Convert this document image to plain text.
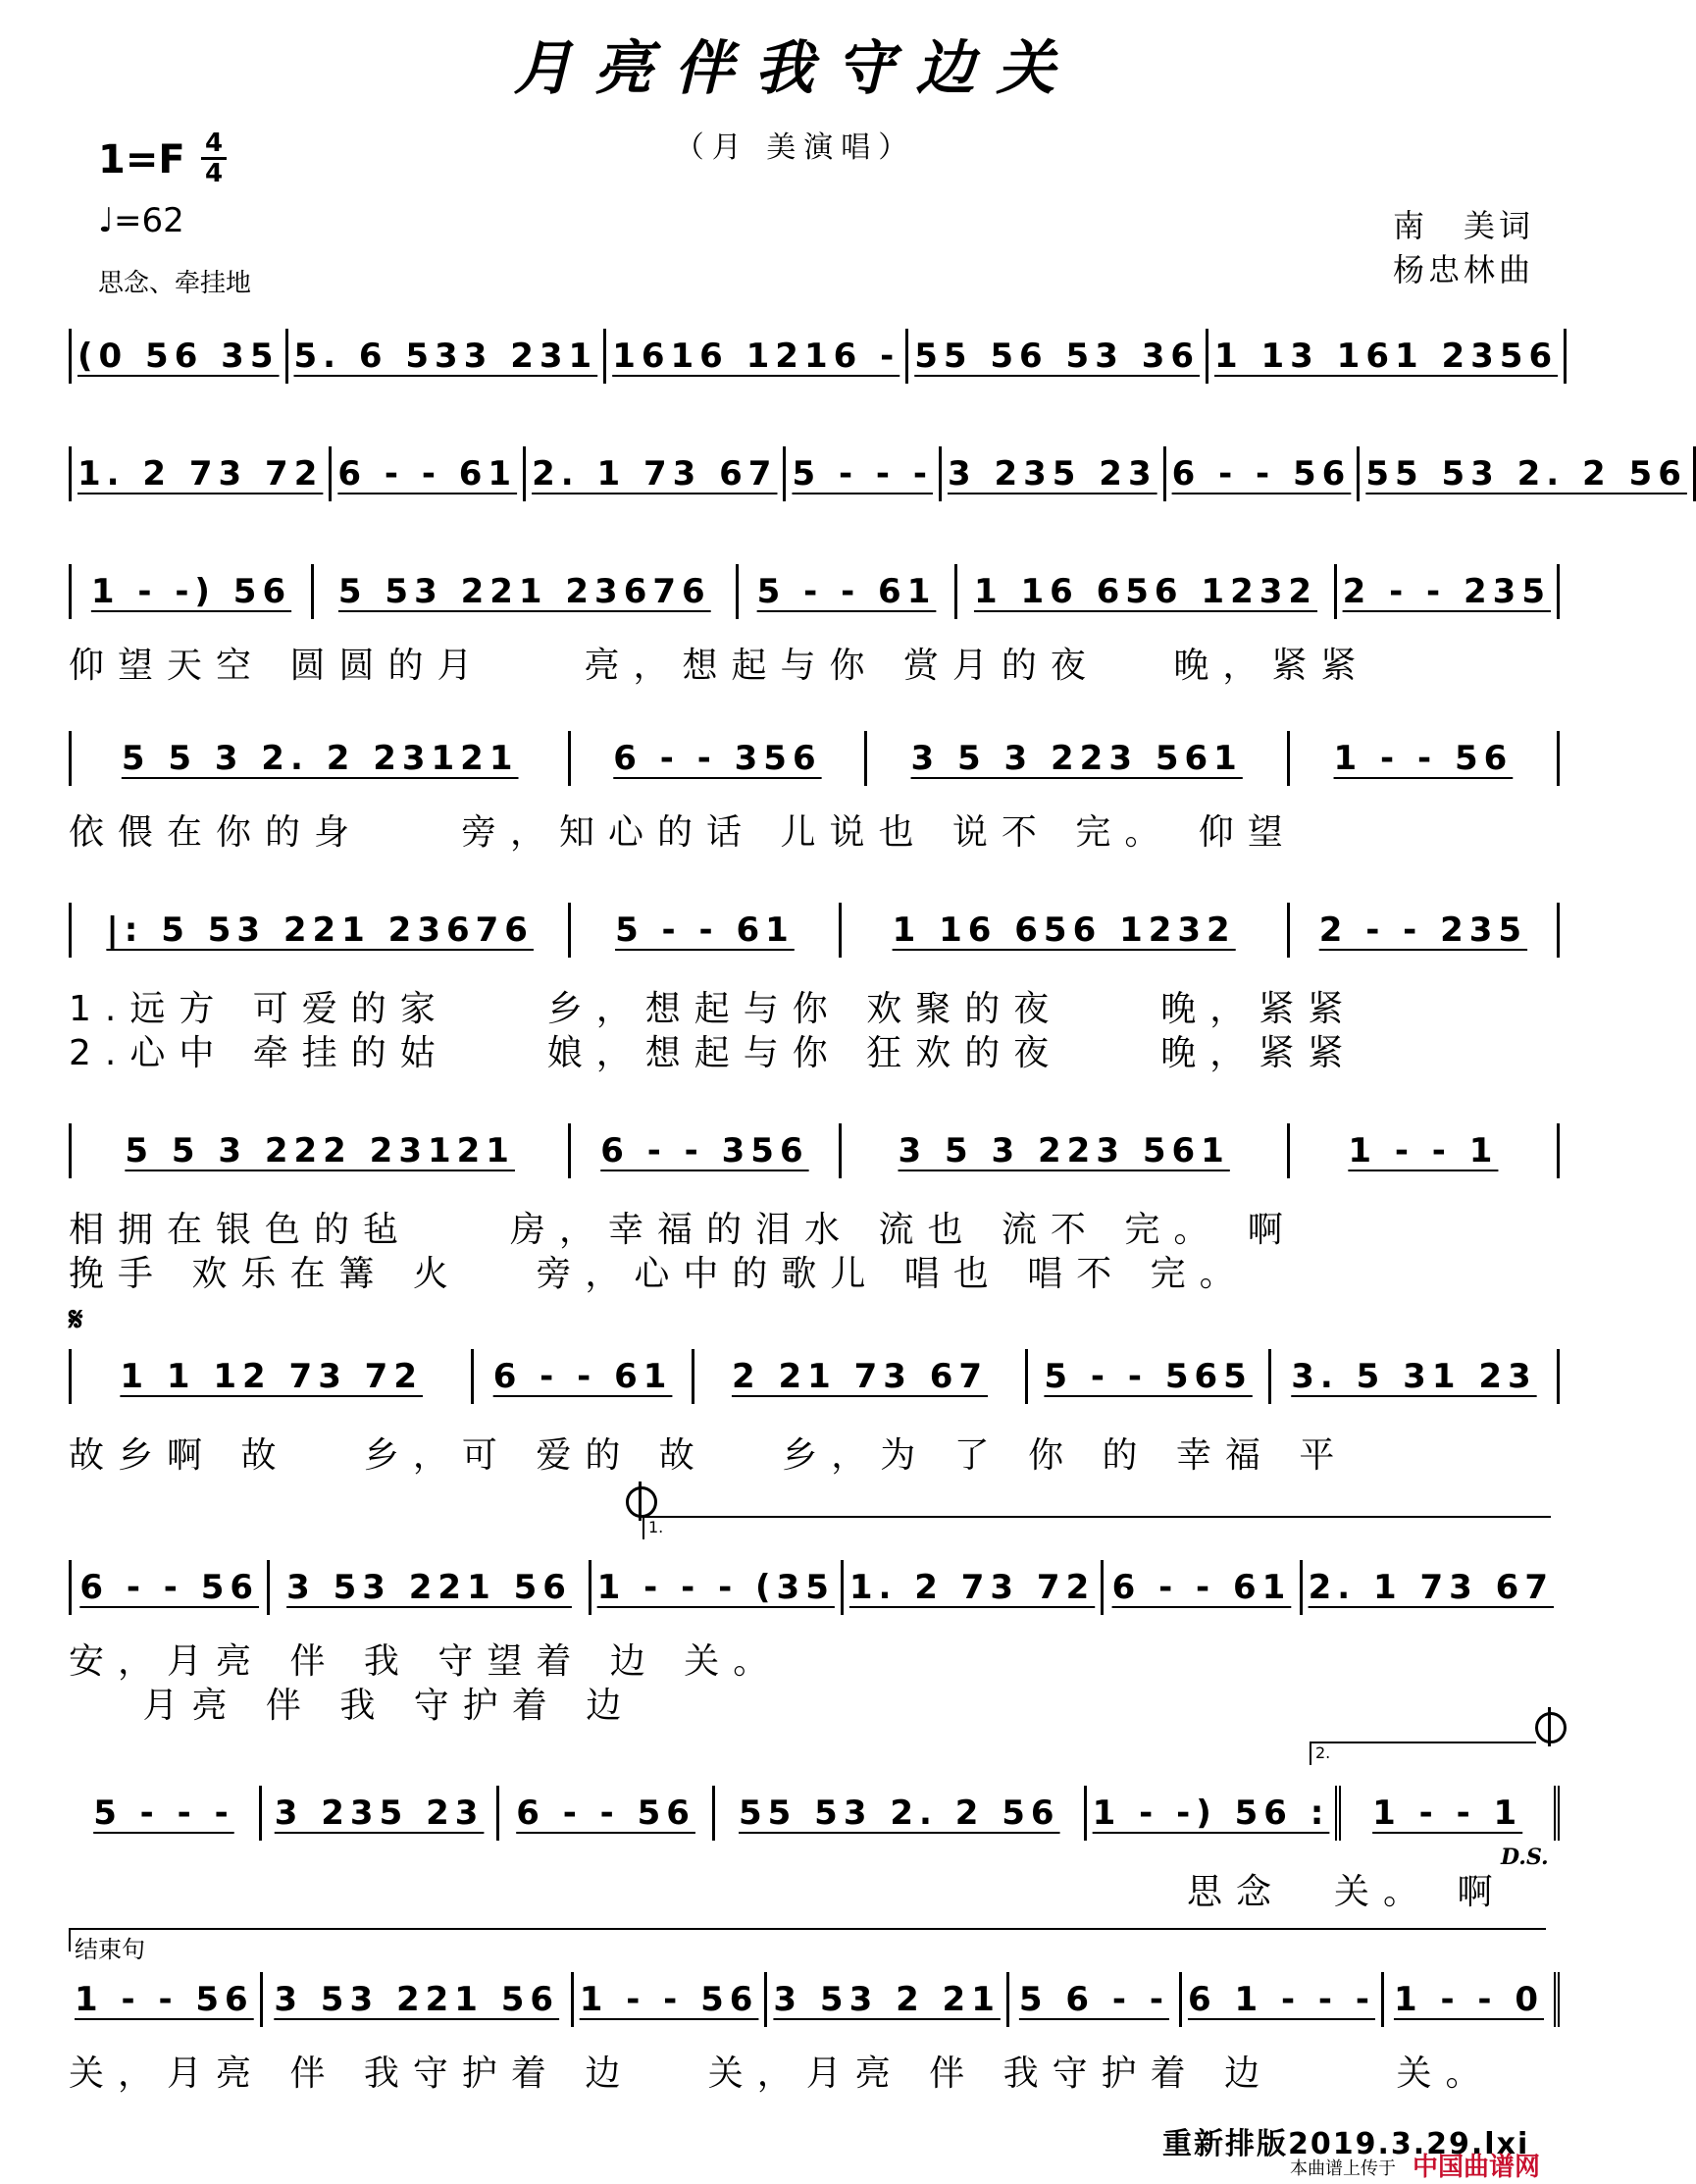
月亮伴我守边关
（月 美演唱）
1=F 4
4
♩=62
思念、牵挂地
南　美词
杨忠林曲
(0 56 35 5. 6 533 231 1616 1216 - 55 56 53 36 1 13 161 2356
1. 2 73 72 6 - - 61 2. 1 73 67 5 - - - 3 235 23 6 - - 56 55 53 2. 2 56
1 - -) 56 5 53 221 23676 5 - - 61 1 16 656 1232 2 - - 235
仰望天空 圆圆的月　　亮，想起与你 赏月的夜　 晚，紧紧
5 5 3 2. 2 23121	6 - - 356	3 5 3 223 561	1 - - 56
依偎在你的身　　旁，知心的话 儿说也 说不 完。 仰望
|: 5 53 221 23676 5 - - 61	1 16 656 1232	2 - - 235
1.远方 可爱的家　　乡，想起与你 欢聚的夜　　晚，紧紧
2.心中 牵挂的姑　　娘，想起与你 狂欢的夜　　晚，紧紧
5 5 3 222 23121	6 - - 356	3 5 3 223 561	1 - - 1
相拥在银色的毡　　房，幸福的泪水 流也 流不 完。 啊
挽手 欢乐在篝 火　 旁，心中的歌儿 唱也 唱不 完。
𝄋
1 1 12 73 72 6 - - 61 2 21 73 67 5 - - 565 3. 5 31 23
故乡啊 故　 乡，可 爱的 故　 乡，为 了 你 的 幸福 平
1.
6 - - 56 3 53 221 56 1 - - - (35 1. 2 73 72 6 - - 61 2. 1 73 67
安，月亮 伴 我 守望着 边 关。
　 月亮 伴 我 守护着 边
2.
5 - - - 3 235 23 6 - - 56 55 53 2. 2 56 1 - -) 56 : 1 - - 1
D.S.
思念　关。 啊
结束句
1 - - 56 3 53 221 56 1 - - 56 3 53 2 21 5 6 - - 6 1 - - - 1 - - 0
关，月亮 伴 我守护着 边　 关，月亮 伴 我守护着 边　　 关。
重新排版2019.3.29.lxi
本曲谱上传于 中国曲谱网
